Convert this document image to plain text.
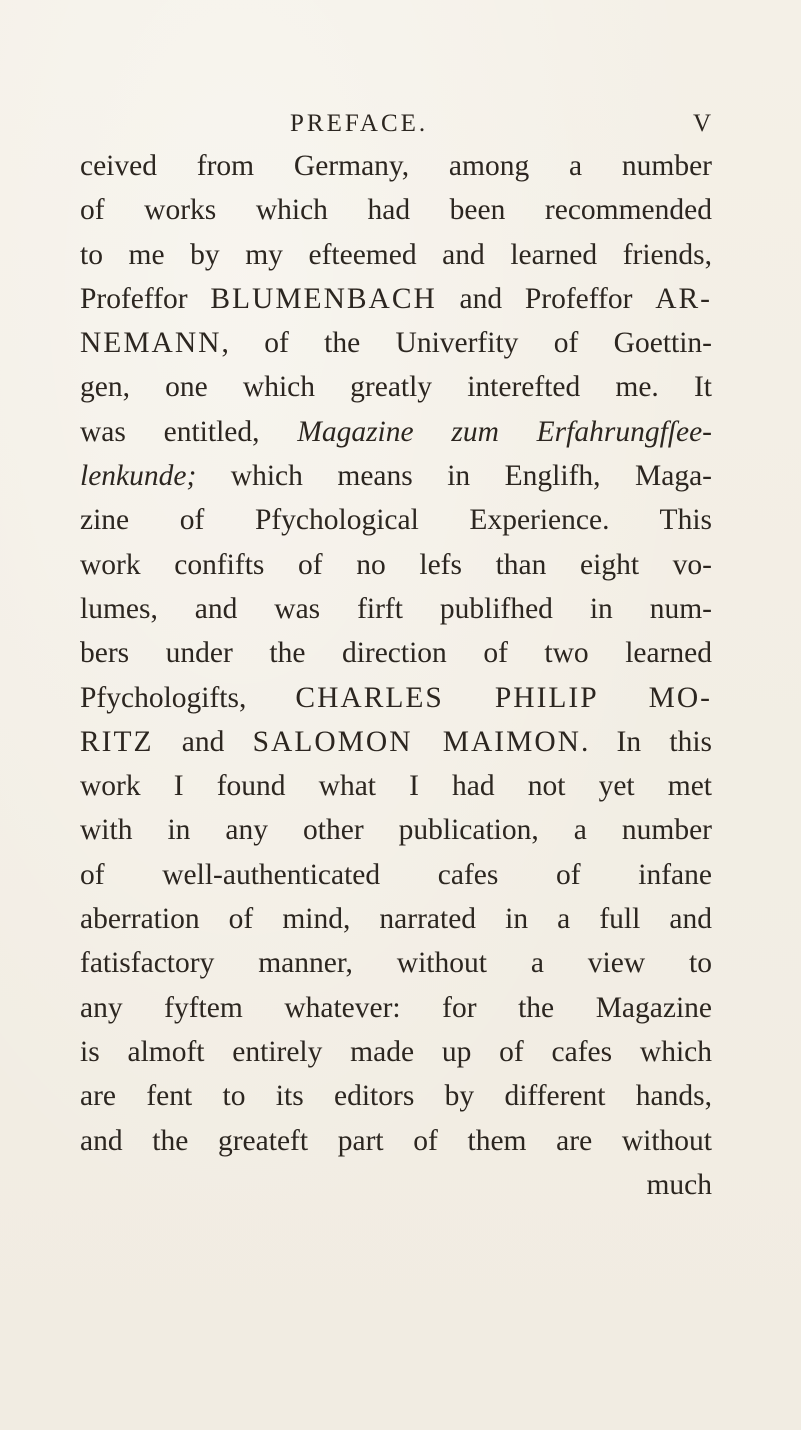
PREFACE.	V
ceived from Germany, among a number
of works which had been recommended
to me by my efteemed and learned friends,
Profeffor BLUMENBACH and Profeffor AR-
NEMANN, of the Univerfity of Goettin-
gen, one which greatly interefted me. It
was entitled, Magazine zum Erfahrungfſee-
lenkunde; which means in Englifh, Maga-
zine of Pfychological Experience. This
work confifts of no lefs than eight vo-
lumes, and was firft publifhed in num-
bers under the direction of two learned
Pfychologifts, CHARLES PHILIP MO-
RITZ and SALOMON MAIMON. In this
work I found what I had not yet met
with in any other publication, a number
of well-authenticated cafes of infane
aberration of mind, narrated in a full and
fatisfactory manner, without a view to
any fyftem whatever: for the Magazine
is almoft entirely made up of cafes which
are fent to its editors by different hands,
and the greateft part of them are without
much
